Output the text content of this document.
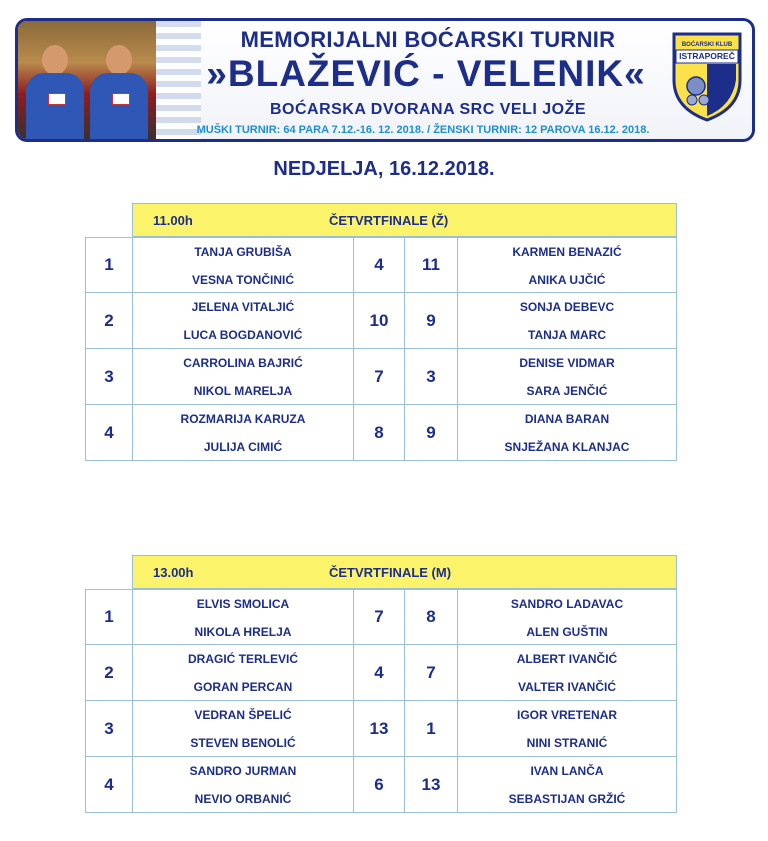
MEMORIJALNI BOĆARSKI TURNIR
»BLAŽEVIĆ - VELENIK«
BOĆARSKA DVORANA SRC VELI JOŽE
MUŠKI TURNIR: 64 PARA 7.12.-16. 12. 2018. / ŽENSKI TURNIR: 12 PAROVA 16.12. 2018.
BOĆARSKI KLUB
ISTRAPOREČ
NEDJELJA, 16.12.2018.
11.00h	ČETVRTFINALE (Ž)
1
TANJA GRUBIŠA
VESNA TONČINIĆ
4	11
KARMEN BENAZIĆ
ANIKA UJČIĆ
2
JELENA VITALJIĆ
LUCA BOGDANOVIĆ
10	9
SONJA DEBEVC
TANJA MARC
3
CARROLINA BAJRIĆ
NIKOL MARELJA
7	3
DENISE VIDMAR
SARA JENČIĆ
4
ROZMARIJA KARUZA
JULIJA CIMIĆ
8	9
DIANA BARAN
SNJEŽANA KLANJAC
13.00h	ČETVRTFINALE (M)
1
ELVIS SMOLICA
NIKOLA HRELJA
7	8
SANDRO LADAVAC
ALEN GUŠTIN
2
DRAGIĆ TERLEVIĆ
GORAN PERCAN
4	7
ALBERT IVANČIĆ
VALTER IVANČIĆ
3
VEDRAN ŠPELIĆ
STEVEN BENOLIĆ
13	1
IGOR VRETENAR
NINI STRANIĆ
4
SANDRO JURMAN
NEVIO ORBANIĆ
6	13
IVAN LANČA
SEBASTIJAN GRŽIĆ
